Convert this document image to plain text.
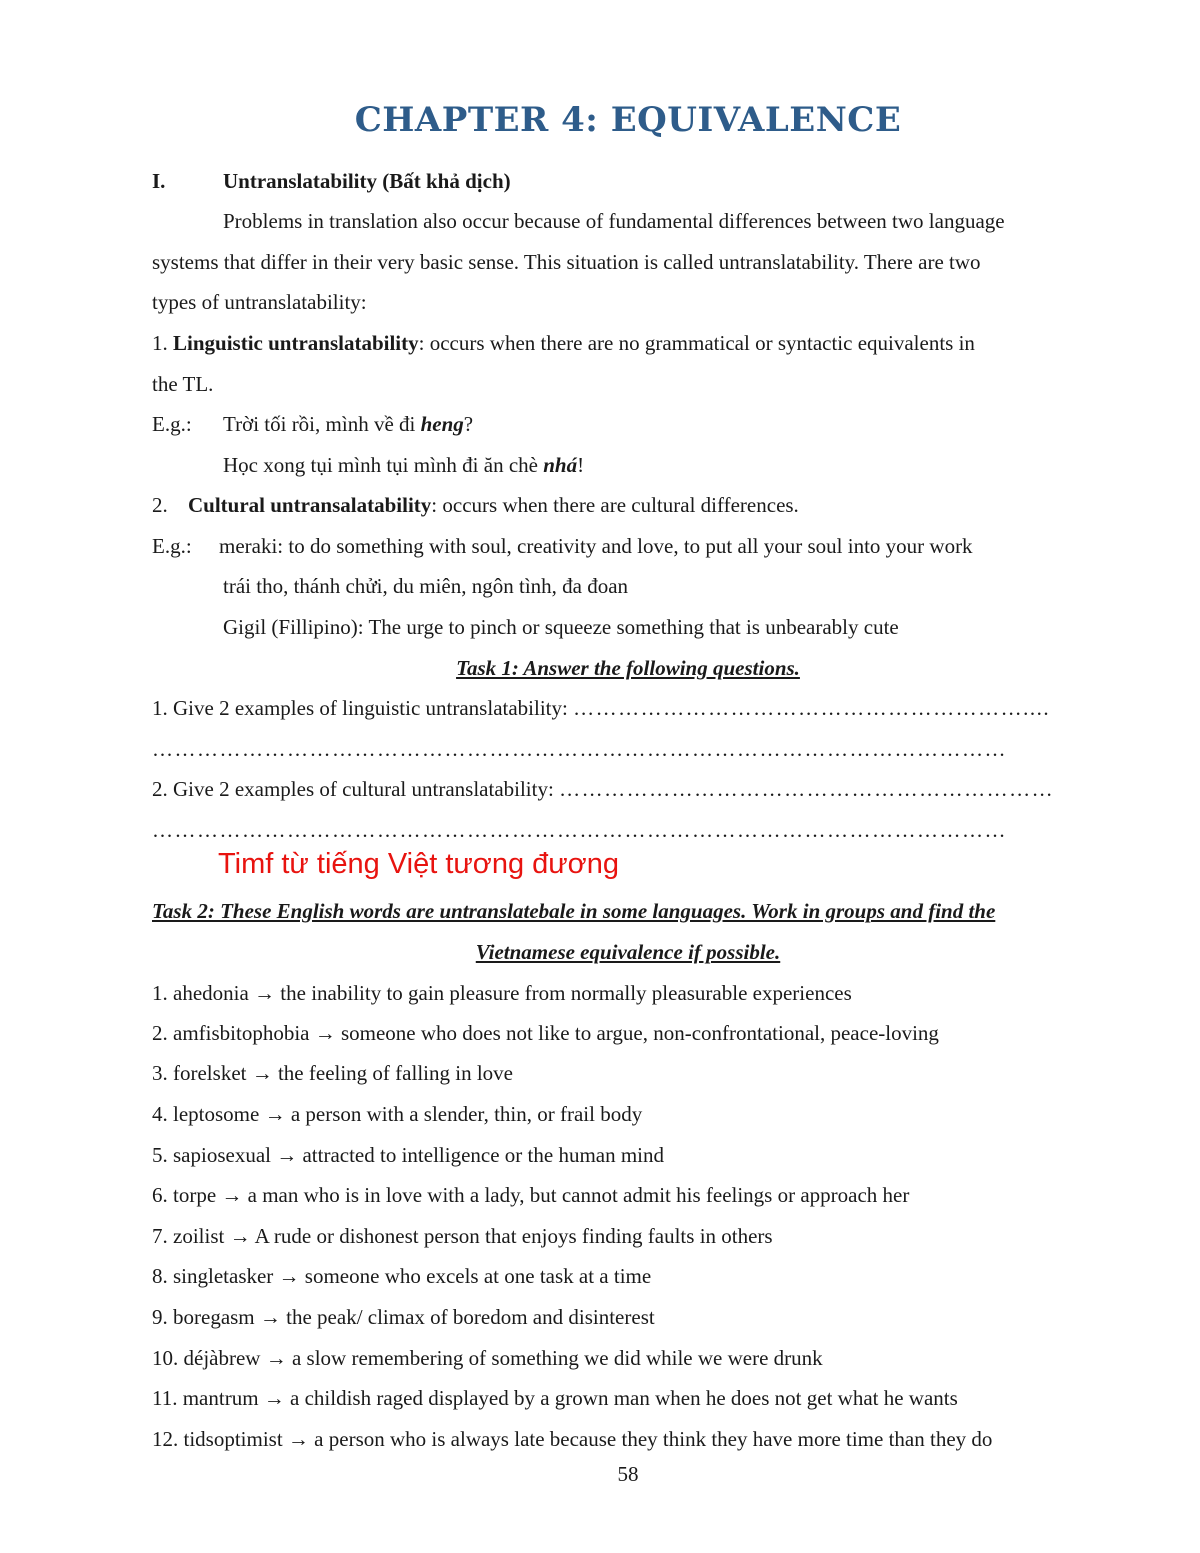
CHAPTER 4: EQUIVALENCE
I.	Untranslatability (Bất khả dịch)
Problems in translation also occur because of fundamental differences between two language
systems that differ in their very basic sense. This situation is called untranslatability. There are two
types of untranslatability:
1. Linguistic untranslatability: occurs when there are no grammatical or syntactic equivalents in
the TL.
E.g.: Trời tối rồi, mình về đi heng?
Học xong tụi mình tụi mình đi ăn chè nhá!
2. Cultural untransalatability: occurs when there are cultural differences.
E.g.: meraki: to do something with soul, creativity and love, to put all your soul into your work
trái tho, thánh chửi, du miên, ngôn tình, đa đoan
Gigil (Fillipino): The urge to pinch or squeeze something that is unbearably cute
Task 1: Answer the following questions.
1. Give 2 examples of linguistic untranslatability: ……………………………………………………....
……………………………………………………………………………………………………
2. Give 2 examples of cultural untranslatability: …………………………………………………………
……………………………………………………………………………………………………
Timf từ tiếng Việt tương đương
Task 2: These English words are untranslatebale in some languages. Work in groups and find the
Vietnamese equivalence if possible.
1. ahedonia → the inability to gain pleasure from normally pleasurable experiences
2. amfisbitophobia → someone who does not like to argue, non-confrontational, peace-loving
3. forelsket → the feeling of falling in love
4. leptosome → a person with a slender, thin, or frail body
5. sapiosexual → attracted to intelligence or the human mind
6. torpe → a man who is in love with a lady, but cannot admit his feelings or approach her
7. zoilist → A rude or dishonest person that enjoys finding faults in others
8. singletasker → someone who excels at one task at a time
9. boregasm → the peak/ climax of boredom and disinterest
10. déjàbrew → a slow remembering of something we did while we were drunk
11. mantrum → a childish raged displayed by a grown man when he does not get what he wants
12. tidsoptimist → a person who is always late because they think they have more time than they do
58
